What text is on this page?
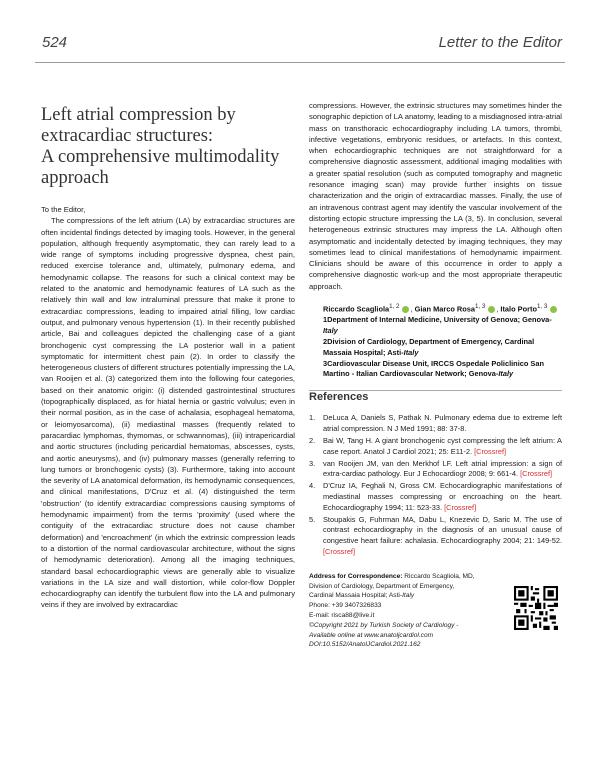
524	Letter to the Editor
Left atrial compression by
extracardiac structures:
A comprehensive multimodality
approach

To the Editor,

The compressions of the left atrium (LA) by extracardiac structures are often incidental findings detected by imaging tools. However, in the general population, although frequently asymptomatic, they can rarely lead to a wide range of symptoms including progressive dyspnea, chest pain, reduced exercise tolerance and, ultimately, pulmonary edema, and hemodynamic collapse. The reasons for such a clinical context may be related to the anatomic and hemodynamic features of LA such as the relatively thin wall and low intraluminal pressure that make it prone to extracardiac compressions, leading to impaired atrial filling, low cardiac output, and pulmonary venous hypertension (1). In their recently published article, Bai and colleagues depicted the challenging case of a giant bronchogenic cyst compressing the LA posterior wall in a patient symptomatic for intermittent chest pain (2). In order to classify the heterogeneous clusters of different structures potentially impressing the LA, van Rooijen et al. (3) categorized them into the following four categories, based on their anatomic origin: (i) distended gastrointestinal structures (topographically displaced, as for hiatal hernia or gastric volvulus; even in their normal position, as in the case of achalasia, esophageal hematoma, or leiomyosarcoma), (ii) mediastinal masses (frequently related to paracardiac lymphomas, thymomas, or schwannomas), (iii) intrapericardial and aortic structures (including pericardial hematomas, abscesses, cysts, and aortic aneurysms), and (iv) pulmonary masses (generally referring to lung tumors or bronchogenic cysts) (3). Furthermore, taking into account the severity of LA anatomical deformation, its hemodynamic consequences, and clinical manifestations, D'Cruz et al. (4) distinguished the term 'obstruction' (to identify extracardiac compressions causing symptoms of hemodynamic impairment) from the terms 'proximity' (used where the contiguity of the extracardiac structure does not cause chamber deformation) and 'encroachment' (in which the extrinsic compression leads to a distortion of the normal cardiovascular architecture, without the signs of hemodynamic deterioration). Among all the imaging techniques, standard basal echocardiographic views are generally able to visualize variations in the LA size and wall distortion, while color-flow Doppler echocardiography can identify the turbulent flow into the LA and pulmonary veins if they are involved by extracardiac

compressions. However, the extrinsic structures may sometimes hinder the sonographic depiction of LA anatomy, leading to a misdiagnosed intra-atrial mass on transthoracic echocardiography including LA tumors, thrombi, infective vegetations, embryonic residues, or artefacts. In this context, when echocardiographic techniques are not straightforward for a comprehensive diagnostic assessment, additional imaging modalities with a greater spatial resolution (such as computed tomography and magnetic resonance imaging scan) may provide further insights on tissue characterization and the origin of extracardiac masses. Finally, the use of an intravenous contrast agent may identify the vascular involvement of the distorting ectopic structure impressing the LA (3, 5). In conclusion, several heterogeneous extrinsic structures may impress the LA. Although often asymptomatic and incidentally detected by imaging techniques, they may sometimes lead to clinical manifestations of hemodynamic impairment. Clinicians should be aware of this occurrence in order to apply a comprehensive diagnostic work-up and the most appropriate therapeutic approach.

Riccardo Scagliola$^{1, 2}$ , Gian Marco Rosa$^{1, 3}$ , Italo Porto$^{1, 3}$
1Department of Internal Medicine, University of Genova; Genova-Italy
2Division of Cardiology, Department of Emergency, Cardinal Massaia Hospital; Asti-Italy
3Cardiovascular Disease Unit, IRCCS Ospedale Policlinico San Martino - Italian Cardiovascular Network; Genova-Italy
References
1.	DeLuca A, Daniels S, Pathak N. Pulmonary edema due to extreme left atrial compression. N J Med 1991; 88: 37-8.
2.	Bai W, Tang H. A giant bronchogenic cyst compressing the left atrium: A case report. Anatol J Cardiol 2021; 25: E11-2. [Crossref]
3.	van Rooijen JM, van den Merkhof LF. Left atrial impression: a sign of extra-cardiac pathology. Eur J Echocardiogr 2008; 9: 661-4. [Crossref]
4.	D'Cruz IA, Feghali N, Gross CM. Echocardiographic manifestations of mediastinal masses compressing or encroaching on the heart. Echocardiography 1994; 11: 523-33. [Crossref]
5.	Stoupakis G, Fuhrman MA, Dabu L, Knezevic D, Saric M. The use of contrast echocardiography in the diagnosis of an unusual cause of congestive heart failure: achalasia. Echocardiography 2004; 21: 149-52. [Crossref]
Address for Correspondence: Riccardo Scagliola, MD,
Division of Cardiology, Department of Emergency,
Cardinal Massaia Hospital; Asti-Italy
Phone: +39 3407326833
E-mail: risca88@live.it
©Copyright 2021 by Turkish Society of Cardiology -
Available online at www.anatoljcardiol.com
DOI:10.5152/AnatolJCardiol.2021.162
